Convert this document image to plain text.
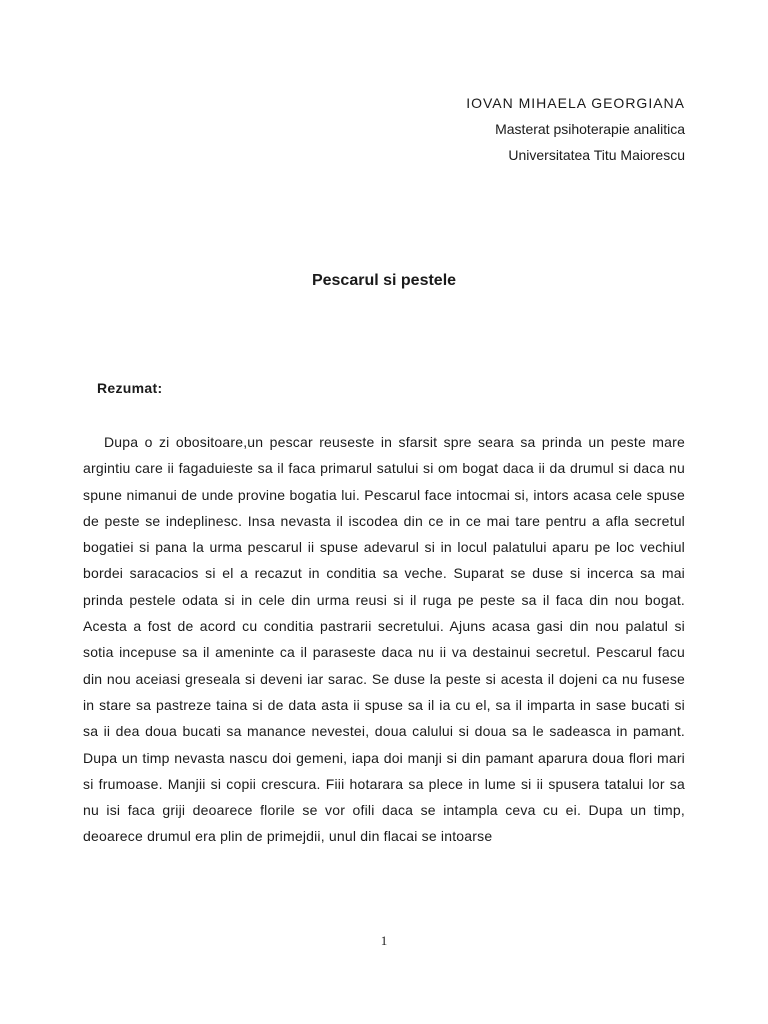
IOVAN MIHAELA GEORGIANA
Masterat psihoterapie analitica
Universitatea Titu Maiorescu
Pescarul si pestele
Rezumat:

Dupa o zi obositoare,un pescar reuseste in sfarsit spre seara sa prinda un peste mare argintiu care ii fagaduieste sa il faca primarul satului si om bogat daca ii da drumul si daca nu spune nimanui de unde provine bogatia lui. Pescarul face intocmai si, intors acasa cele spuse de peste se indeplinesc. Insa nevasta il iscodea din ce in ce mai tare pentru a afla secretul bogatiei si pana la urma pescarul ii spuse adevarul si in locul palatului aparu pe loc vechiul bordei saracacios si el a recazut in conditia sa veche. Suparat se duse si incerca sa mai prinda pestele odata si in cele din urma reusi si il ruga pe peste sa il faca din nou bogat. Acesta a fost de acord cu conditia pastrarii secretului. Ajuns acasa gasi din nou palatul si sotia incepuse sa il ameninte ca il paraseste daca nu ii va destainui secretul. Pescarul facu din nou aceiasi greseala si deveni iar sarac. Se duse la peste si acesta il dojeni ca nu fusese in stare sa pastreze taina si de data asta ii spuse sa il ia cu el, sa il imparta in sase bucati si sa ii dea doua bucati sa manance nevestei, doua calului si doua sa le sadeasca in pamant. Dupa un timp nevasta nascu doi gemeni, iapa doi manji si din pamant aparura doua flori mari si frumoase. Manjii si copii crescura. Fiii hotarara sa plece in lume si ii spusera tatalui lor sa nu isi faca griji deoarece florile se vor ofili daca se intampla ceva cu ei. Dupa un timp, deoarece drumul era plin de primejdii, unul din flacai se intoarse

1
